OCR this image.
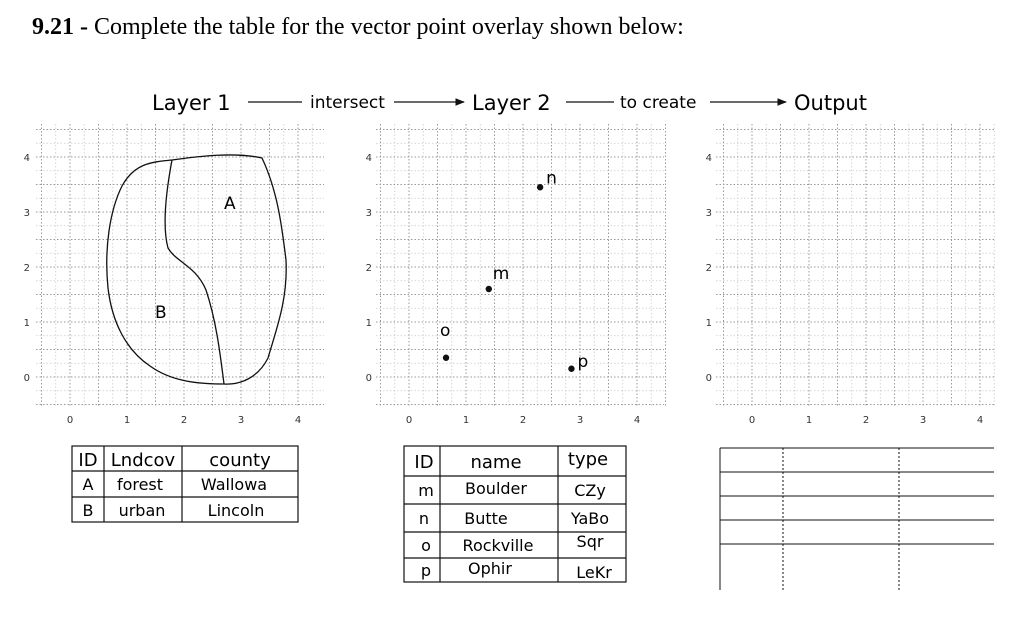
9.21 - Complete the table for the vector point overlay shown below:
Layer 1	intersect	Layer 2	to create	Output
0	1	2	3	4
0
1
2
3
4
0	1	2	3	4
0
1
2
3
4
0	1	2	3	4
0
1
2
3
4
A
B
n
m
o
p
ID Lndcov county
A forest Wallowa
B urban	Lincoln
ID name	type
m Boulder	CZy
n Butte	YaBo
o Rockville	Sqr
p Ophir	LeKr
